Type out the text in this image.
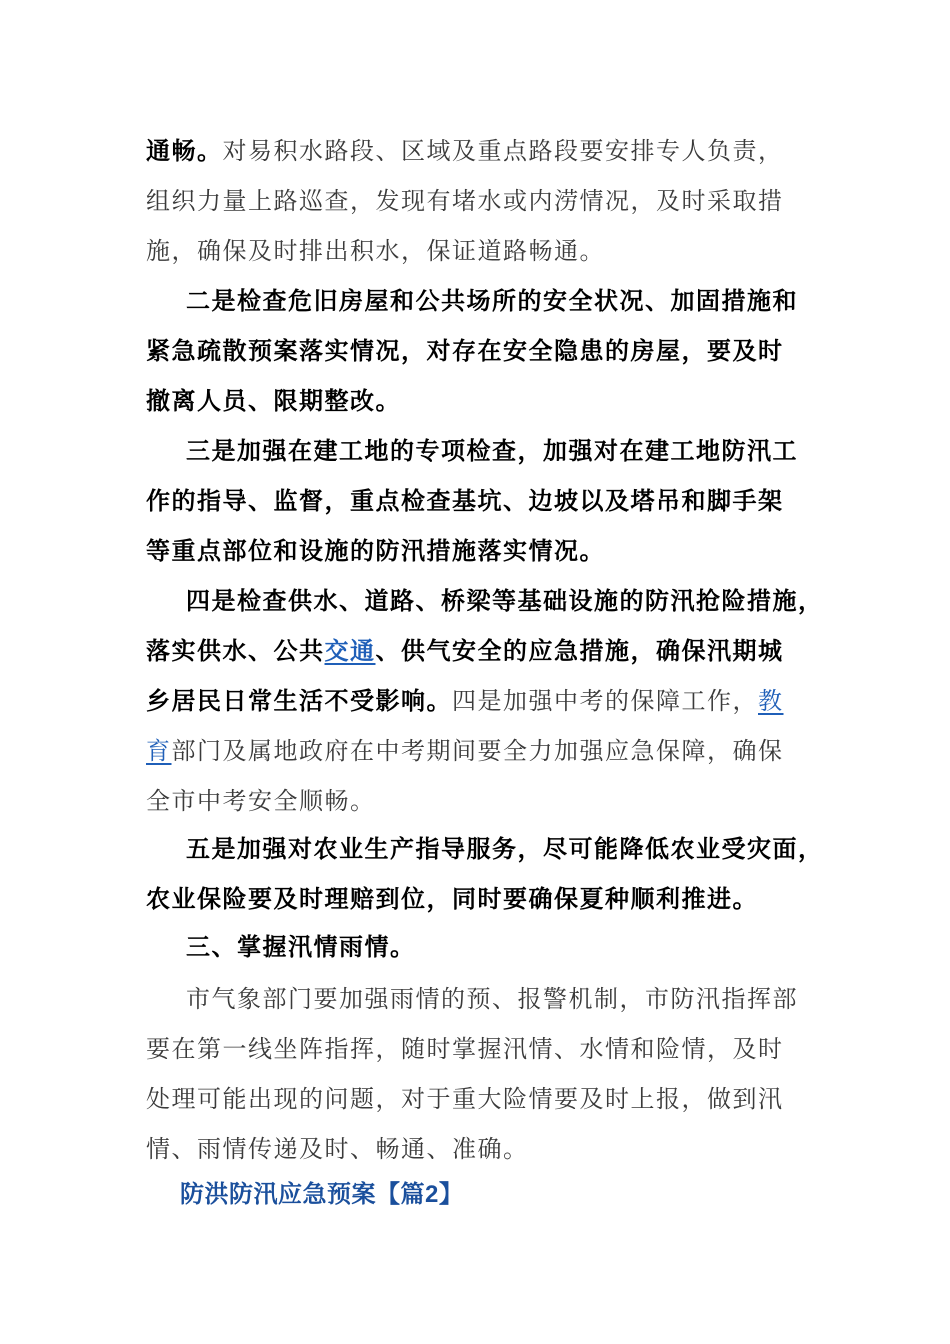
通畅。对易积水路段、区域及重点路段要安排专人负责，
组织力量上路巡查，发现有堵水或内涝情况，及时采取措
施，确保及时排出积水，保证道路畅通。
二是检查危旧房屋和公共场所的安全状况、加固措施和
紧急疏散预案落实情况，对存在安全隐患的房屋，要及时
撤离人员、限期整改。
三是加强在建工地的专项检查，加强对在建工地防汛工
作的指导、监督，重点检查基坑、边坡以及塔吊和脚手架
等重点部位和设施的防汛措施落实情况。
四是检查供水、道路、桥梁等基础设施的防汛抢险措施，
落实供水、公共交通、供气安全的应急措施，确保汛期城
乡居民日常生活不受影响。四是加强中考的保障工作，教
育部门及属地政府在中考期间要全力加强应急保障，确保
全市中考安全顺畅。
五是加强对农业生产指导服务，尽可能降低农业受灾面，
农业保险要及时理赔到位，同时要确保夏种顺利推进。
三、掌握汛情雨情。
市气象部门要加强雨情的预、报警机制，市防汛指挥部
要在第一线坐阵指挥，随时掌握汛情、水情和险情，及时
处理可能出现的问题，对于重大险情要及时上报，做到汛
情、雨情传递及时、畅通、准确。
防洪防汛应急预案【篇2】
